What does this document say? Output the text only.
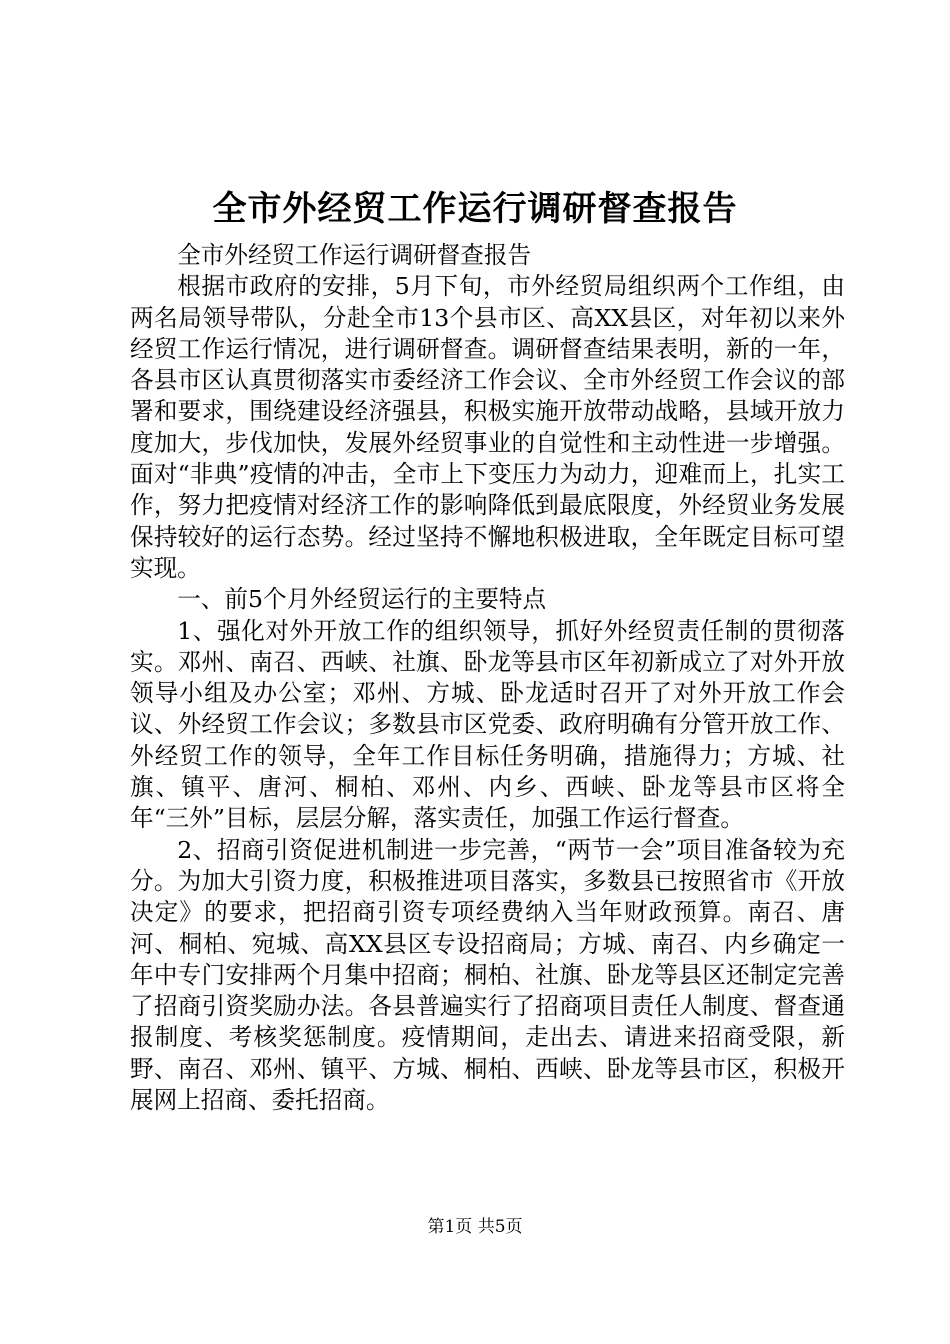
全市外经贸工作运行调研督查报告

全市外经贸工作运行调研督查报告

根据市政府的安排，5月下旬，市外经贸局组织两个工作组，由两名局领导带队，分赴全市13个县市区、高XX县区，对年初以来外经贸工作运行情况，进行调研督查。调研督查结果表明，新的一年，各县市区认真贯彻落实市委经济工作会议、全市外经贸工作会议的部署和要求，围绕建设经济强县，积极实施开放带动战略，县域开放力度加大，步伐加快，发展外经贸事业的自觉性和主动性进一步增强。面对“非典”疫情的冲击，全市上下变压力为动力，迎难而上，扎实工作，努力把疫情对经济工作的影响降低到最底限度，外经贸业务发展保持较好的运行态势。经过坚持不懈地积极进取，全年既定目标可望实现。

一、前5个月外经贸运行的主要特点

1、强化对外开放工作的组织领导，抓好外经贸责任制的贯彻落实。邓州、南召、西峡、社旗、卧龙等县市区年初新成立了对外开放领导小组及办公室；邓州、方城、卧龙适时召开了对外开放工作会议、外经贸工作会议；多数县市区党委、政府明确有分管开放工作、外经贸工作的领导，全年工作目标任务明确，措施得力；方城、社旗、镇平、唐河、桐柏、邓州、内乡、西峡、卧龙等县市区将全年“三外”目标，层层分解，落实责任，加强工作运行督查。

2、招商引资促进机制进一步完善，“两节一会”项目准备较为充分。为加大引资力度，积极推进项目落实，多数县已按照省市《开放决定》的要求，把招商引资专项经费纳入当年财政预算。南召、唐河、桐柏、宛城、高XX县区专设招商局；方城、南召、内乡确定一年中专门安排两个月集中招商；桐柏、社旗、卧龙等县区还制定完善了招商引资奖励办法。各县普遍实行了招商项目责任人制度、督查通报制度、考核奖惩制度。疫情期间，走出去、请进来招商受限，新野、南召、邓州、镇平、方城、桐柏、西峡、卧龙等县市区，积极开展网上招商、委托招商。

第1页 共5页
